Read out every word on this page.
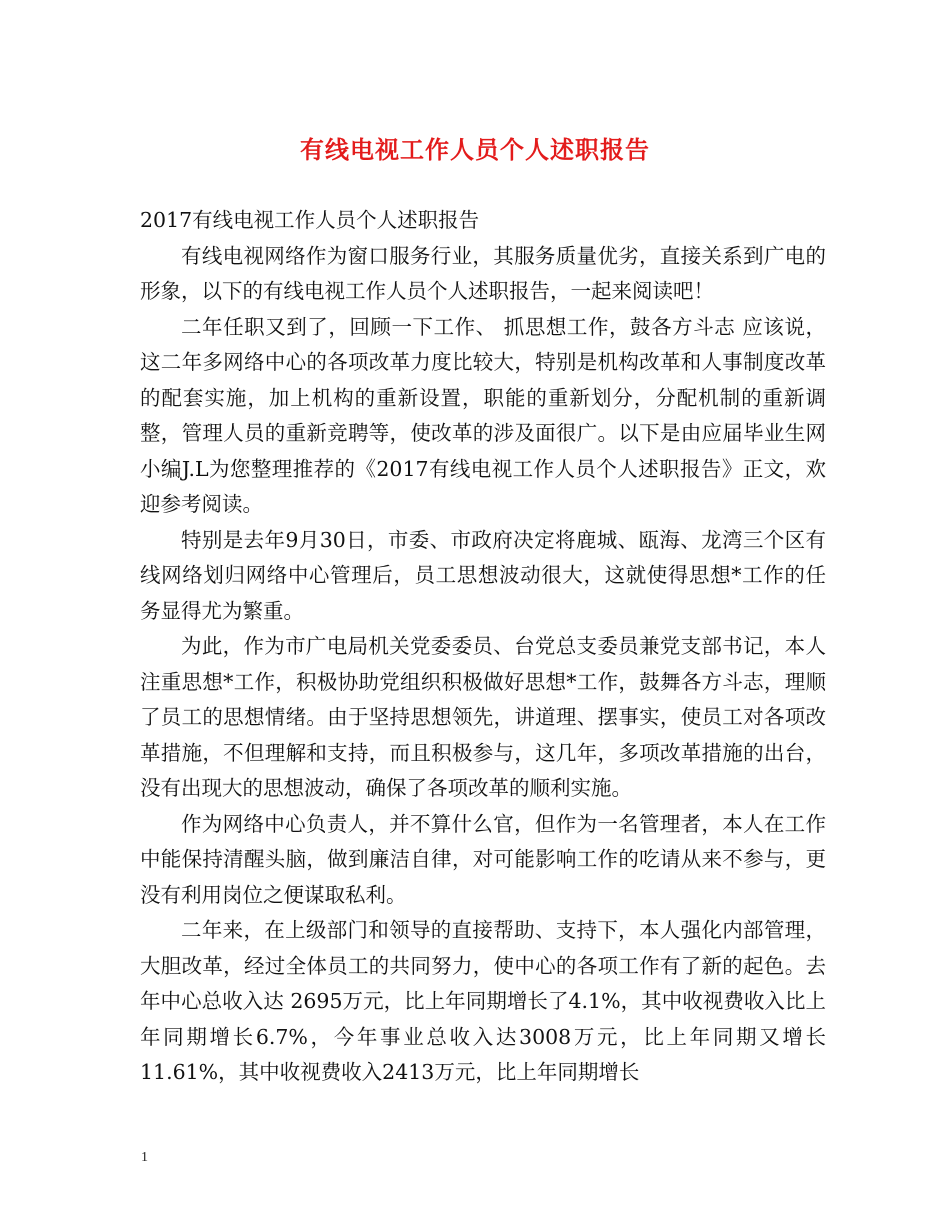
有线电视工作人员个人述职报告

2017有线电视工作人员个人述职报告

有线电视网络作为窗口服务行业，其服务质量优劣，直接关系到广电的形象，以下的有线电视工作人员个人述职报告，一起来阅读吧！

二年任职又到了，回顾一下工作、 抓思想工作，鼓各方斗志 应该说，这二年多网络中心的各项改革力度比较大，特别是机构改革和人事制度改革的配套实施，加上机构的重新设置，职能的重新划分，分配机制的重新调整，管理人员的重新竞聘等，使改革的涉及面很广。以下是由应届毕业生网小编J.L为您整理推荐的《2017有线电视工作人员个人述职报告》正文，欢迎参考阅读。

特别是去年9月30日，市委、市政府决定将鹿城、瓯海、龙湾三个区有线网络划归网络中心管理后，员工思想波动很大，这就使得思想*工作的任务显得尤为繁重。

为此，作为市广电局机关党委委员、台党总支委员兼党支部书记，本人注重思想*工作，积极协助党组织积极做好思想*工作，鼓舞各方斗志，理顺了员工的思想情绪。由于坚持思想领先，讲道理、摆事实，使员工对各项改革措施，不但理解和支持，而且积极参与，这几年，多项改革措施的出台，没有出现大的思想波动，确保了各项改革的顺利实施。

作为网络中心负责人，并不算什么官，但作为一名管理者，本人在工作中能保持清醒头脑，做到廉洁自律，对可能影响工作的吃请从来不参与，更没有利用岗位之便谋取私利。

二年来，在上级部门和领导的直接帮助、支持下，本人强化内部管理，大胆改革，经过全体员工的共同努力，使中心的各项工作有了新的起色。去年中心总收入达 2695万元，比上年同期增长了4.1%，其中收视费收入比上年同期增长6.7%，今年事业总收入达3008万元，比上年同期又增长11.61%，其中收视费收入2413万元，比上年同期增长

1
